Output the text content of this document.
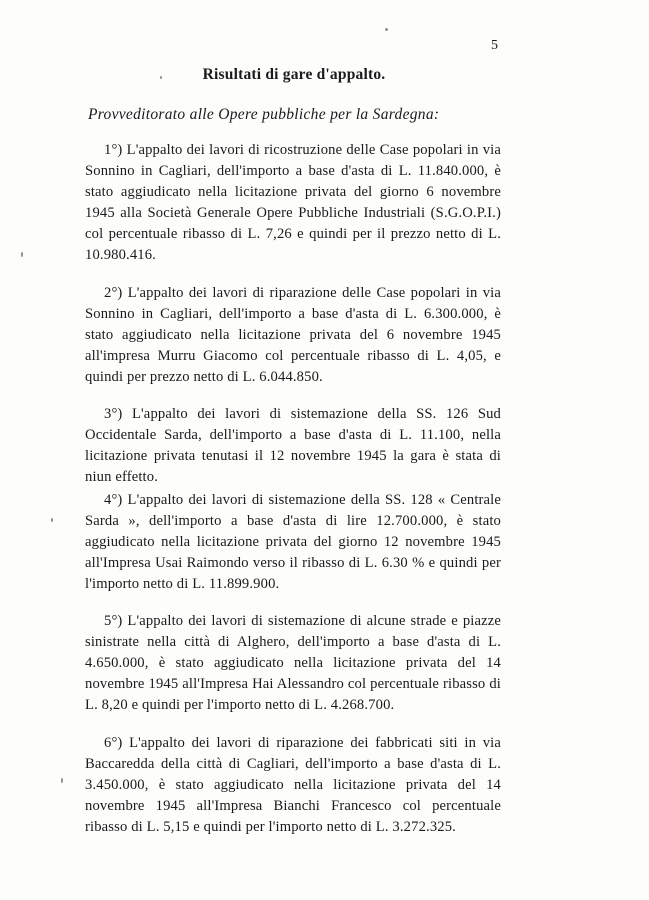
5
Risultati di gare d'appalto.
Provveditorato alle Opere pubbliche per la Sardegna:

1°) L'appalto dei lavori di ricostruzione delle Case popolari in via Sonnino in Cagliari, dell'importo a base d'asta di L. 11.840.000, è stato aggiudicato nella licitazione privata del giorno 6 novembre 1945 alla Società Generale Opere Pubbliche Industriali (S.G.O.P.I.) col percentuale ribasso di L. 7,26 e quindi per il prezzo netto di L. 10.980.416.

2°) L'appalto dei lavori di riparazione delle Case popolari in via Sonnino in Cagliari, dell'importo a base d'asta di L. 6.300.000, è stato aggiudicato nella licitazione privata del 6 novembre 1945 all'impresa Murru Giacomo col percentuale ribasso di L. 4,05, e quindi per prezzo netto di L. 6.044.850.

3°) L'appalto dei lavori di sistemazione della SS. 126 Sud Occidentale Sarda, dell'importo a base d'asta di L. 11.100, nella licitazione privata tenutasi il 12 novembre 1945 la gara è stata di niun effetto.

4°) L'appalto dei lavori di sistemazione della SS. 128 « Centrale Sarda », dell'importo a base d'asta di lire 12.700.000, è stato aggiudicato nella licitazione privata del giorno 12 novembre 1945 all'Impresa Usai Raimondo verso il ribasso di L. 6.30 % e quindi per l'importo netto di L. 11.899.900.

5°) L'appalto dei lavori di sistemazione di alcune strade e piazze sinistrate nella città di Alghero, dell'importo a base d'asta di L. 4.650.000, è stato aggiudicato nella licitazione privata del 14 novembre 1945 all'Impresa Hai Alessandro col percentuale ribasso di L. 8,20 e quindi per l'importo netto di L. 4.268.700.

6°) L'appalto dei lavori di riparazione dei fabbricati siti in via Baccaredda della città di Cagliari, dell'importo a base d'asta di L. 3.450.000, è stato aggiudicato nella licitazione privata del 14 novembre 1945 all'Impresa Bianchi Francesco col percentuale ribasso di L. 5,15 e quindi per l'importo netto di L. 3.272.325.
